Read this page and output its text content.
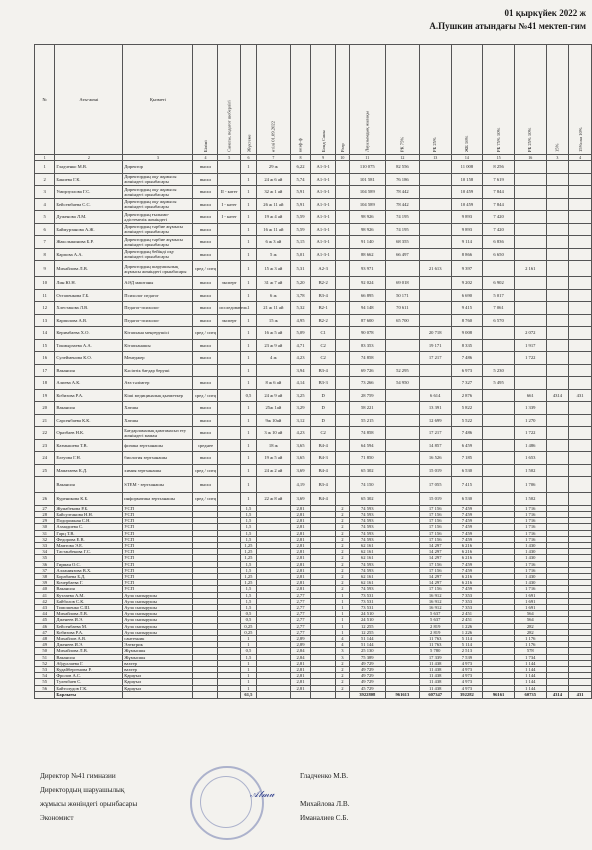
01 қыркүйек 2022 ж
А.Пушкин атындағы №41 мектеп-гим
№	Аты-жөні	Қызметі	Білімі	Санаты, педагог шеберлігі	Жүктеме	өтілі 01.09.2022	коэф-ф	Бонд Саны	Разр	Лауазымдық жалақы	РК 75%	РБ 25%	ЖБ 16%	РБ 75% 10%	РБ 25% 10%	15%	15%сан 10%
1	2	3	4	5	6	7	8	9	10	11	12	13	14	15	16	3	4
1	Гладченко М.В.	Директор	высш		1	29 ж	6,22	А1-3-1		110 075	82 556		11 008	8 256			
2	Бакиева Г.К.	Директордың оқу жұмысы жөніндегі орынбасары	высш		1	24 ж 6 ай	5,74	А1-3-1		101 581	76 186		10 158	7 619			
3	Умирзуллова Г.С.	Директордың оқу жұмысы жөніндегі орынбасары	высш	II - катег	1	32 ж 1 ай	5,91	А1-3-1		104 589	78 442		10 459	7 844			
4	Бейсембаева С.С.	Директордың оқу жұмысы жөніндегі орынбасары	высш	I - катег	1	26 ж 11 ай	5,91	А1-3-1		104 589	78 442		10 459	7 844			
5	Дуженова Л.М.	Директордың ғылыми-әдістемелік жөніндегі	высш	I - катег	1	19 ж 4 ай	5,59	А1-3-1		98 926	74 195		9 893	7 420			
6	Баймурзанова А.Ж.	Директордың тәрбие жұмысы жөніндегі орынбасары	высш		1	16 ж 11 ай	5,59	А1-3-1		98 926	74 195		9 893	7 420			
7	Жакслыкинова Б.Р.	Директордың тәрбие жұмысы жөніндегі орынбасары	высш		1	6 ж 3 ай	5,15	А1-3-1		91 140	68 355		9 114	6 836			
8	Карпова А.А.	Директордың бейінді оқу жөніндегі орынбасары	высш		1	5 ж	5,01	А1-3-1		88 662	66 497		8 866	6 650			
9	Михайлова Л.В.	Директордың шаруашылық жұмысы жөніндегі орынбасары	сред / спец		1	15 ж 3 ай	5,31	А2-3		93 971		21 613	9 397		2 161		
10	Лин Ю.Н.	АӘД маштаны	высш	эксперт	1	31 ж 7 ай	5,20	В2-2		92 024	69 018		9 202	6 902			
11	Остапенкова Г.Б.	Психолог педагог	высш		1	6 ж	3,78	В3-4		66 895	50 171		6 690	5 017			
12	Хлестакова Л.В.	Педагог-психолог	высш	исследователь	1	21 ж 11 ай	5,32	В2-1		94 148	70 611		9 415	7 061			
13	Карпилова А.В.	Педагог-психолог	высш	эксперт	1	15 ж	4,95	В2-2		87 600	65 700		8 760	6 570			
14	Керимбаева Х.О.	Кітапхана меңгерушісі	сред / спец		1	16 ж 5 ай	5,09	С1		90 078		20 718	9 008		2 072		
15	Токмырзаева А.А.	Кітапханашы	высш		1	23 ж 9 ай	4,71	С2		83 353		19 171	8 335		1 917		
16	Сулейменова К.О.	Менеджер	высш		1	4 ж	4,23	С2		74 858		17 217	7 486		1 722		
17	Вакансия	Кәсіптік бағдар беруші			1		3,94	В3-4		69 726	52 295		6 973	5 230			
18	Алиева А.К.	Аға тәлімгер	высш		1	8 ж 6 ай	4,14	В3-3		73 266	54 950		7 327	5 495			
19	Кобизова Р.А.	Кіші медициналық қызметкер	сред / спец		0,5	24 ж 9 ай	3,25	D		28 759		6 614	2 876		661	4314	431
20	Вакансия	Хатшы	высш		1	25ж 1ай	3,29	D		58 221		13 391	5 822		1 339		
21	Сарсенбаева К.К.	Хатшы	высш		1	9ж 10ай	3,12	D		55 215		12 699	5 522		1 270		
22	Оразбаев Н.К.	Бағдарламалық қамтамасыз ету жөніндегі маман	высш		1	3 ж 10 ай	4,23	С2		74 858		17 217	7 486		1 722		
23	Казмышева Т.В.	физика зертханашы	среднее		1	18 ж	3,65	В4-4		64 594		14 857	6 459		1 486		
24	Елеуова Г.Н.	биология зертханашы	высш		1	19 ж 5 ай	3,65	В4-3		71 850		16 526	7 185		1 653		
25	Маматаева К.Д.	химия зертханашы	сред / спец		1	24 ж 2 ай	3,69	В4-4		65 302		15 019	6 530		1 502		
	Вакансия	STEM - зертханашы	высш		1		4,19	В3-4		74 150		17 055	7 415		1 706		
26	Куреникова К.Б.	информатика зертханашы	сред / спец		1	22 ж 8 ай	3,69	В4-4		65 302		15 019	6 530		1 502		
27	Жумабекова Р.Б.	УСП			1,5		2,81		2	74 593		17 156	7 459		1 716		
28	Байсултанова Н.Н.	УСП			1,5		2,81		2	74 593		17 156	7 459		1 716		
29	Подорожная С.Н.	УСП			1,5		2,81		2	74 593		17 156	7 459		1 716		
30	Ахмадиева С.	УСП			1,5		2,81		2	74 593		17 156	7 459		1 716		
31	Гарц Т.В.	УСП			1,5		2,81		2	74 593		17 156	7 459		1 716		
32	Федорова Е.В.	УСП			1,5		2,81		2	74 593		17 156	7 459		1 716		
33	Мамтова Э.Е.	УСП			1,25		2,81		2	62 161		14 297	6 216		1 430		
34	Тастанбекова Г.С.	УСП			1,25		2,81		2	62 161		14 297	6 216		1 430		
35		УСП			1,25		2,81		2	62 161		14 297	6 216		1 430		
36	Гирман О.С.	УСП			1,5		2,81		2	74 593		17 156	7 459		1 716		
37	Алланиязова В.Х.	УСП			1,5		2,81		2	74 593		17 156	7 459		1 716		
38	Борабаева Б.Д.	УСП			1,25		2,81		2	62 161		14 297	6 216		1 430		
39	Кочербаева Г.	УСП			1,25		2,81		2	62 161		14 297	6 216		1 430		
40	Вакансия	УСП			1,5		2,81		2	74 593		17 156	7 459		1 716		
41	Кутлаева А.М.	Аула сыпырушы			1,5		2,77		1	73 531		16 912	7 353		1 691		
42	Байболов С.К.	Аула сыпырушы			1,5		2,77		1	73 531		16 912	7 353		1 691		
43	Тимошенко С.Ш.	Аула сыпырушы			1,5		2,77		1	73 531		16 912	7 353		1 691		
44	Михайлова Л.В.	Аула сыпырушы			0,5		2,77		1	24 510		5 637	2 451		564		
45	Дженеев И.Э.	Аула сыпырушы			0,5		2,77		1	24 510		5 637	2 451		564		
46	Бейсенбаева М.	Аула сыпырушы			0,25		2,77		1	12 255		2 819	1 226		282		
47	Кобизова Р.А.	Аула сыпырушы			0,25		2,77		1	12 255		2 819	1 226		282		
48	Михайлов А.В.	сантехник			1		2,89		4	51 144		11 763	5 114		1 176		
49	Дженеев И.Э.	Электрик			1		2,89		4	51 144		11 763	5 114		1 176		
50	Михайлова Л.В.	Жұмысшы			0,5		2,84		3	25 130		5 780	2 513		578		
51	Вакансия	Жұмысшы			1,5		2,84		3	75 389		17 339	7 539		1 734		
52	Абдуллаева Г.	вахтер			1		2,81		2	49 729		11 438	4 973		1 144		
53	Кудайбергенова Р.	вахтер			1		2,81		2	49 729		11 438	4 973		1 144		
54	Фролов А.С.	Қарауыл			1		2,81		2	49 729		11 438	4 973		1 144		
55	Тулекбаев С.	Қарауыл			1		2,81		2	49 729		11 438	4 973		1 144		
56	Байтолудов Г.К.	Қарауыл			1		2,81		2	45 729		11 438	4 973		1 144		
	Барлығы				61,5					3922808	961613	607347	392282	96161	60735	4314	431
Директор №41 гимназии	Гладченко М.В.
Директордың шаруашылық
жұмысы жөніндегі орынбасары	Михайлова Л.В.
𝒜𝓁𝓂𝓊
Экономист	Иманалиев С.Б.
